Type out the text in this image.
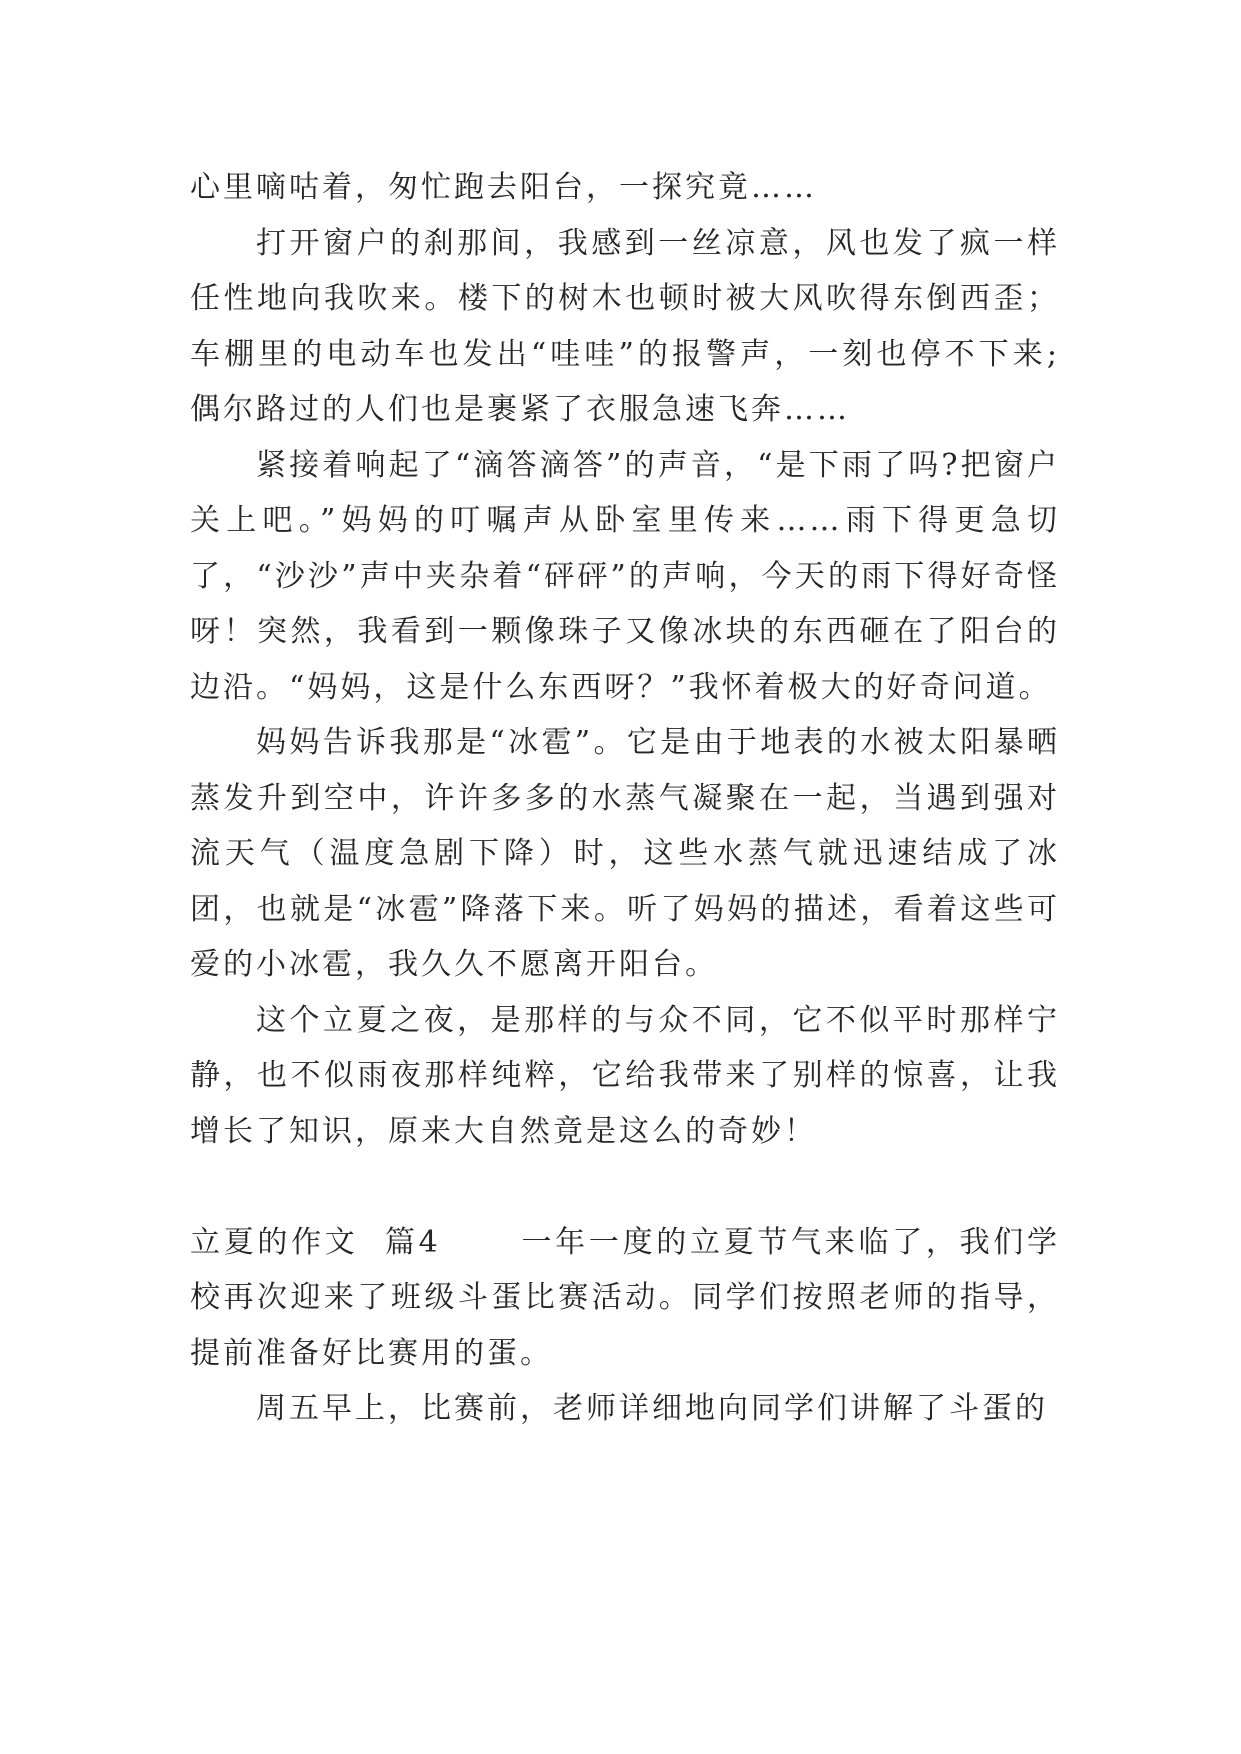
心里嘀咕着，匆忙跑去阳台，一探究竟……

打开窗户的刹那间，我感到一丝凉意，风也发了疯一样任性地向我吹来。楼下的树木也顿时被大风吹得东倒西歪；车棚里的电动车也发出“哇哇”的报警声，一刻也停不下来;偶尔路过的人们也是裹紧了衣服急速飞奔……

紧接着响起了“滴答滴答”的声音，“是下雨了吗?把窗户关上吧。”妈妈的叮嘱声从卧室里传来……雨下得更急切了，“沙沙”声中夹杂着“砰砰”的声响，今天的雨下得好奇怪呀！突然，我看到一颗像珠子又像冰块的东西砸在了阳台的边沿。“妈妈，这是什么东西呀？”我怀着极大的好奇问道。

妈妈告诉我那是“冰雹”。它是由于地表的水被太阳暴晒蒸发升到空中，许许多多的水蒸气凝聚在一起，当遇到强对流天气（温度急剧下降）时，这些水蒸气就迅速结成了冰团，也就是“冰雹”降落下来。听了妈妈的描述，看着这些可爱的小冰雹，我久久不愿离开阳台。

这个立夏之夜，是那样的与众不同，它不似平时那样宁静，也不似雨夜那样纯粹，它给我带来了别样的惊喜，让我增长了知识，原来大自然竟是这么的奇妙！

立夏的作文  篇4	一年一度的立夏节气来临了，我们学校再次迎来了班级斗蛋比赛活动。同学们按照老师的指导，提前准备好比赛用的蛋。

周五早上，比赛前，老师详细地向同学们讲解了斗蛋的
